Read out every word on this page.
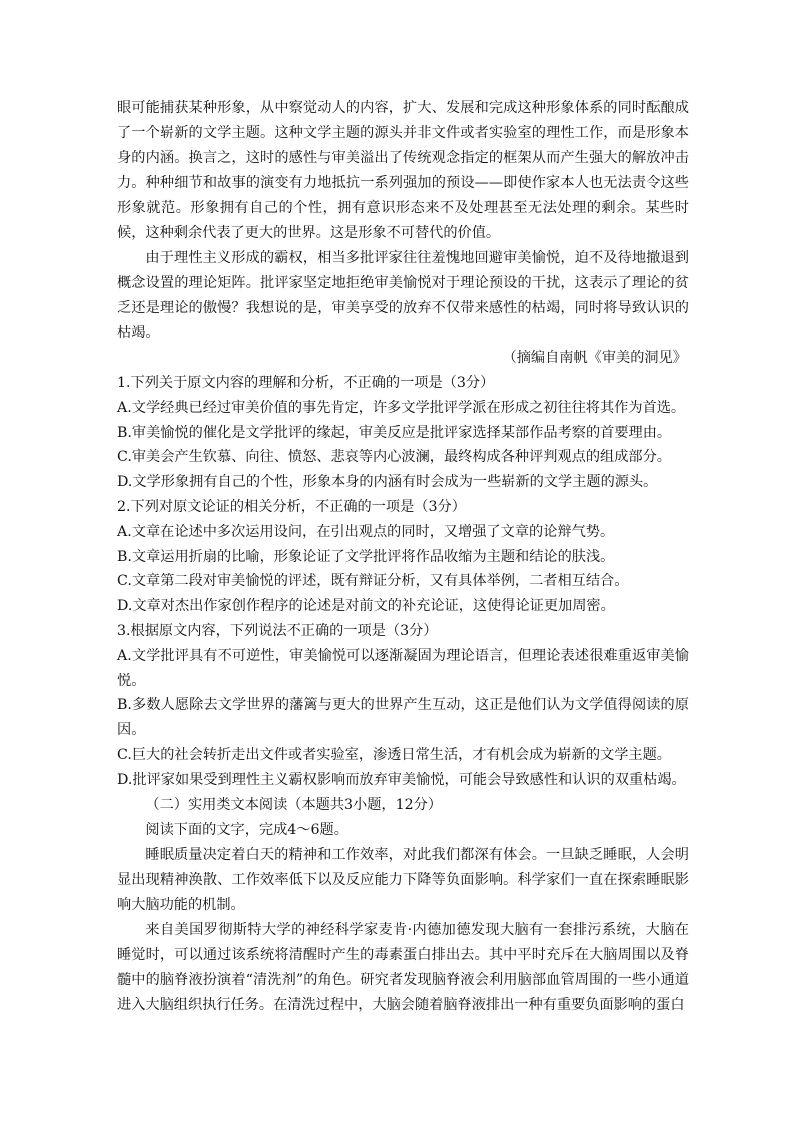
眼可能捕获某种形象，从中察觉动人的内容，扩大、发展和完成这种形象体系的同时酝酿成了一个崭新的文学主题。这种文学主题的源头并非文件或者实验室的理性工作，而是形象本身的内涵。换言之，这时的感性与审美溢出了传统观念指定的框架从而产生强大的解放冲击力。种种细节和故事的演变有力地抵抗一系列强加的预设——即使作家本人也无法责令这些形象就范。形象拥有自己的个性，拥有意识形态来不及处理甚至无法处理的剩余。某些时候，这种剩余代表了更大的世界。这是形象不可替代的价值。

由于理性主义形成的霸权，相当多批评家往往羞愧地回避审美愉悦，迫不及待地撤退到概念设置的理论矩阵。批评家坚定地拒绝审美愉悦对于理论预设的干扰，这表示了理论的贫乏还是理论的傲慢？我想说的是，审美享受的放弃不仅带来感性的枯竭，同时将导致认识的枯竭。

（摘编自南帆《审美的洞见》

1.下列关于原文内容的理解和分析，不正确的一项是（3分）

A.文学经典已经过审美价值的事先肯定，许多文学批评学派在形成之初往往将其作为首选。

B.审美愉悦的催化是文学批评的缘起，审美反应是批评家选择某部作品考察的首要理由。

C.审美会产生钦慕、向往、愤怒、悲哀等内心波澜，最终构成各种评判观点的组成部分。

D.文学形象拥有自己的个性，形象本身的内涵有时会成为一些崭新的文学主题的源头。

2.下列对原文论证的相关分析，不正确的一项是（3分）

A.文章在论述中多次运用设问，在引出观点的同时，又增强了文章的论辩气势。

B.文章运用折扇的比喻，形象论证了文学批评将作品收缩为主题和结论的肤浅。

C.文章第二段对审美愉悦的评述，既有辩证分析，又有具体举例，二者相互结合。

D.文章对杰出作家创作程序的论述是对前文的补充论证，这使得论证更加周密。

3.根据原文内容，下列说法不正确的一项是（3分）

A.文学批评具有不可逆性，审美愉悦可以逐渐凝固为理论语言，但理论表述很难重返审美愉悦。

B.多数人愿除去文学世界的藩篱与更大的世界产生互动，这正是他们认为文学值得阅读的原因。

C.巨大的社会转折走出文件或者实验室，渗透日常生活，才有机会成为崭新的文学主题。

D.批评家如果受到理性主义霸权影响而放弃审美愉悦，可能会导致感性和认识的双重枯竭。

（二）实用类文本阅读（本题共3小题，12分）

阅读下面的文字，完成4～6题。

睡眠质量决定着白天的精神和工作效率，对此我们都深有体会。一旦缺乏睡眠，人会明显出现精神涣散、工作效率低下以及反应能力下降等负面影响。科学家们一直在探索睡眠影响大脑功能的机制。

来自美国罗彻斯特大学的神经科学家麦肯·内德加德发现大脑有一套排污系统，大脑在睡觉时，可以通过该系统将清醒时产生的毒素蛋白排出去。其中平时充斥在大脑周围以及脊髓中的脑脊液扮演着“清洗剂”的角色。研究者发现脑脊液会利用脑部血管周围的一些小通道进入大脑组织执行任务。在清洗过程中，大脑会随着脑脊液排出一种有重要负面影响的蛋白
